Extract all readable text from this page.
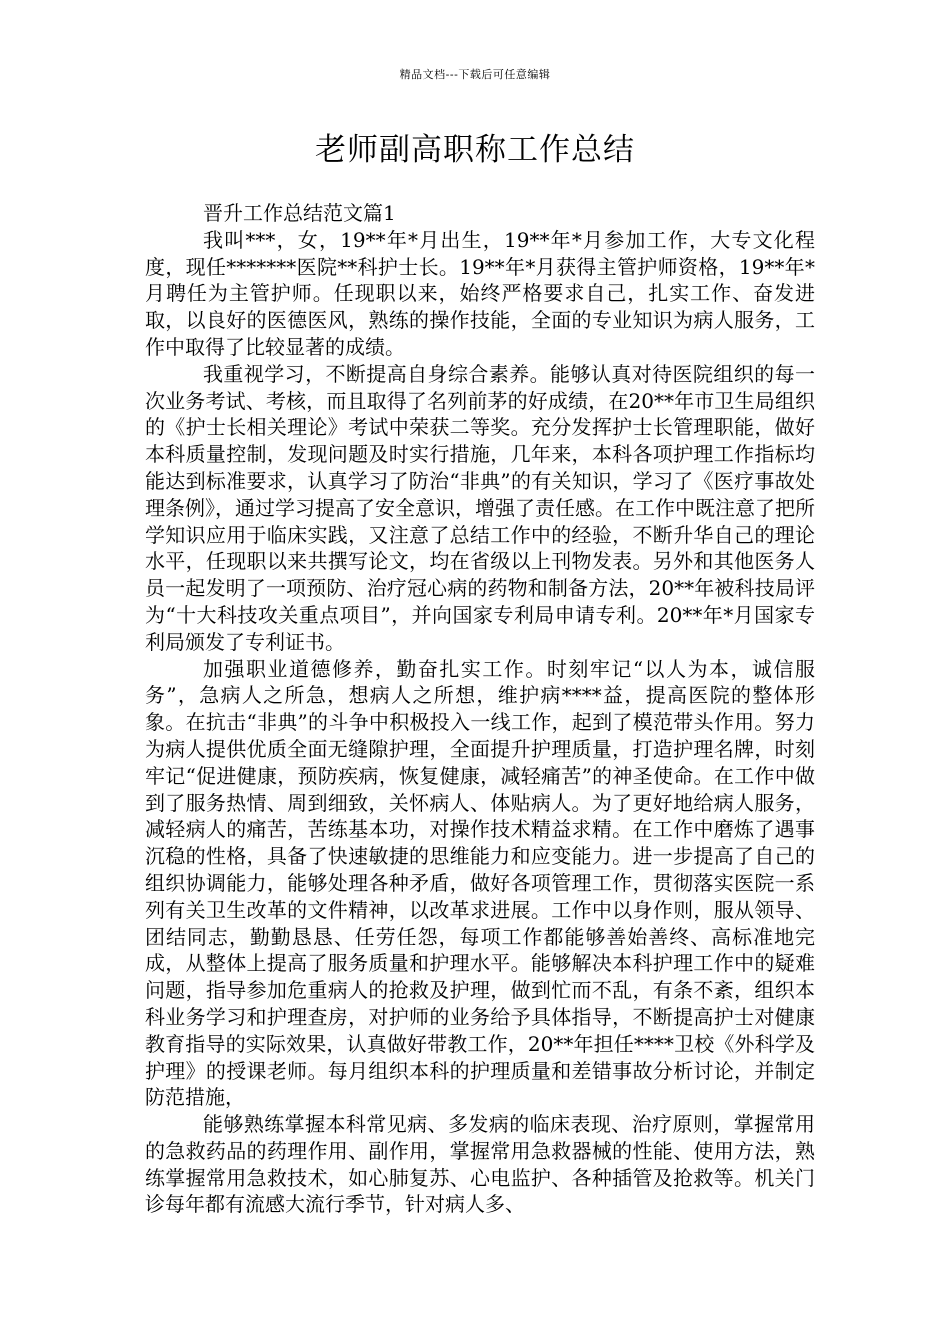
精品文档---下载后可任意编辑
老师副高职称工作总结

晋升工作总结范文篇1

我叫***，女，19**年*月出生，19**年*月参加工作，大专文化程度，现任*******医院**科护士长。19**年*月获得主管护师资格，19**年*月聘任为主管护师。任现职以来，始终严格要求自己，扎实工作、奋发进取，以良好的医德医风，熟练的操作技能，全面的专业知识为病人服务，工作中取得了比较显著的成绩。

我重视学习，不断提高自身综合素养。能够认真对待医院组织的每一次业务考试、考核，而且取得了名列前茅的好成绩，在20**年市卫生局组织的《护士长相关理论》考试中荣获二等奖。充分发挥护士长管理职能，做好本科质量控制，发现问题及时实行措施，几年来，本科各项护理工作指标均能达到标准要求，认真学习了防治“非典”的有关知识，学习了《医疗事故处理条例》，通过学习提高了安全意识，增强了责任感。在工作中既注意了把所学知识应用于临床实践，又注意了总结工作中的经验，不断升华自己的理论水平，任现职以来共撰写论文，均在省级以上刊物发表。另外和其他医务人员一起发明了一项预防、治疗冠心病的药物和制备方法，20**年被科技局评为“十大科技攻关重点项目”，并向国家专利局申请专利。20**年*月国家专利局颁发了专利证书。

加强职业道德修养，勤奋扎实工作。时刻牢记“以人为本，诚信服务”，急病人之所急，想病人之所想，维护病****益，提高医院的整体形象。在抗击“非典”的斗争中积极投入一线工作，起到了模范带头作用。努力为病人提供优质全面无缝隙护理，全面提升护理质量，打造护理名牌，时刻牢记“促进健康，预防疾病，恢复健康，减轻痛苦”的神圣使命。在工作中做到了服务热情、周到细致，关怀病人、体贴病人。为了更好地给病人服务，减轻病人的痛苦，苦练基本功，对操作技术精益求精。在工作中磨炼了遇事沉稳的性格，具备了快速敏捷的思维能力和应变能力。进一步提高了自己的组织协调能力，能够处理各种矛盾，做好各项管理工作，贯彻落实医院一系列有关卫生改革的文件精神，以改革求进展。工作中以身作则，服从领导、团结同志，勤勤恳恳、任劳任怨，每项工作都能够善始善终、高标准地完成，从整体上提高了服务质量和护理水平。能够解决本科护理工作中的疑难问题，指导参加危重病人的抢救及护理，做到忙而不乱，有条不紊，组织本科业务学习和护理查房，对护师的业务给予具体指导，不断提高护士对健康教育指导的实际效果，认真做好带教工作，20**年担任****卫校《外科学及护理》的授课老师。每月组织本科的护理质量和差错事故分析讨论，并制定防范措施，

能够熟练掌握本科常见病、多发病的临床表现、治疗原则，掌握常用的急救药品的药理作用、副作用，掌握常用急救器械的性能、使用方法，熟练掌握常用急救技术，如心肺复苏、心电监护、各种插管及抢救等。机关门诊每年都有流感大流行季节，针对病人多、
